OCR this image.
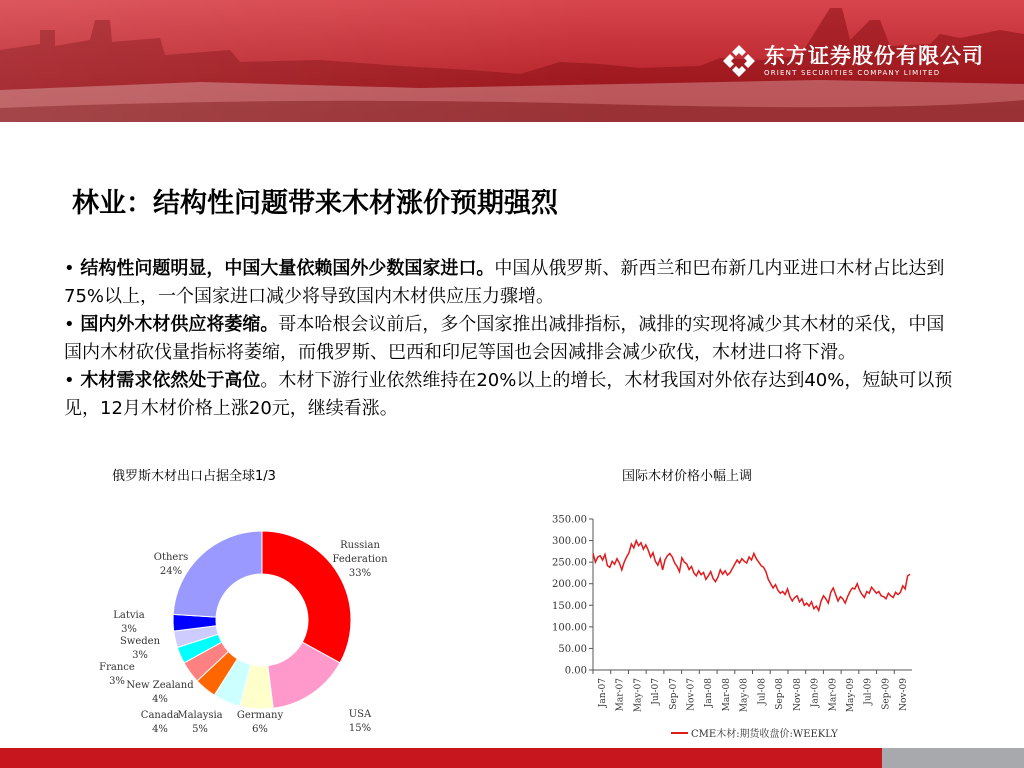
东方证券股份有限公司
ORIENT SECURITIES COMPANY LIMITED
林业：结构性问题带来木材涨价预期强烈

• 结构性问题明显，中国大量依赖国外少数国家进口。中国从俄罗斯、新西兰和巴布新几内亚进口木材占比达到75%以上，一个国家进口减少将导致国内木材供应压力骤增。

• 国内外木材供应将萎缩。哥本哈根会议前后，多个国家推出减排指标，减排的实现将减少其木材的采伐，中国国内木材砍伐量指标将萎缩，而俄罗斯、巴西和印尼等国也会因减排会减少砍伐，木材进口将下滑。

• 木材需求依然处于高位。木材下游行业依然维持在20%以上的增长，木材我国对外依存达到40%，短缺可以预见，12月木材价格上涨20元，继续看涨。

俄罗斯木材出口占据全球1/3	国际木材价格小幅上调
Russian
Federation
33%
USA
15%
Germany
6%
Malaysia
5%
Canada
4%
New Zealand
4%
France
3%
Sweden
3%
Latvia
3%
Others
24%
0.00
50.00
100.00
150.00
200.00
250.00
300.00
350.00
Jan-07 Mar-07 May-07 Jul-07 Sep-07 Nov-07 Jan-08 Mar-08 May-08 Jul-08 Sep-08 Nov-08 Jan-09 Mar-09 May-09 Jul-09 Sep-09 Nov-09
CME木材:期货收盘价:WEEKLY
